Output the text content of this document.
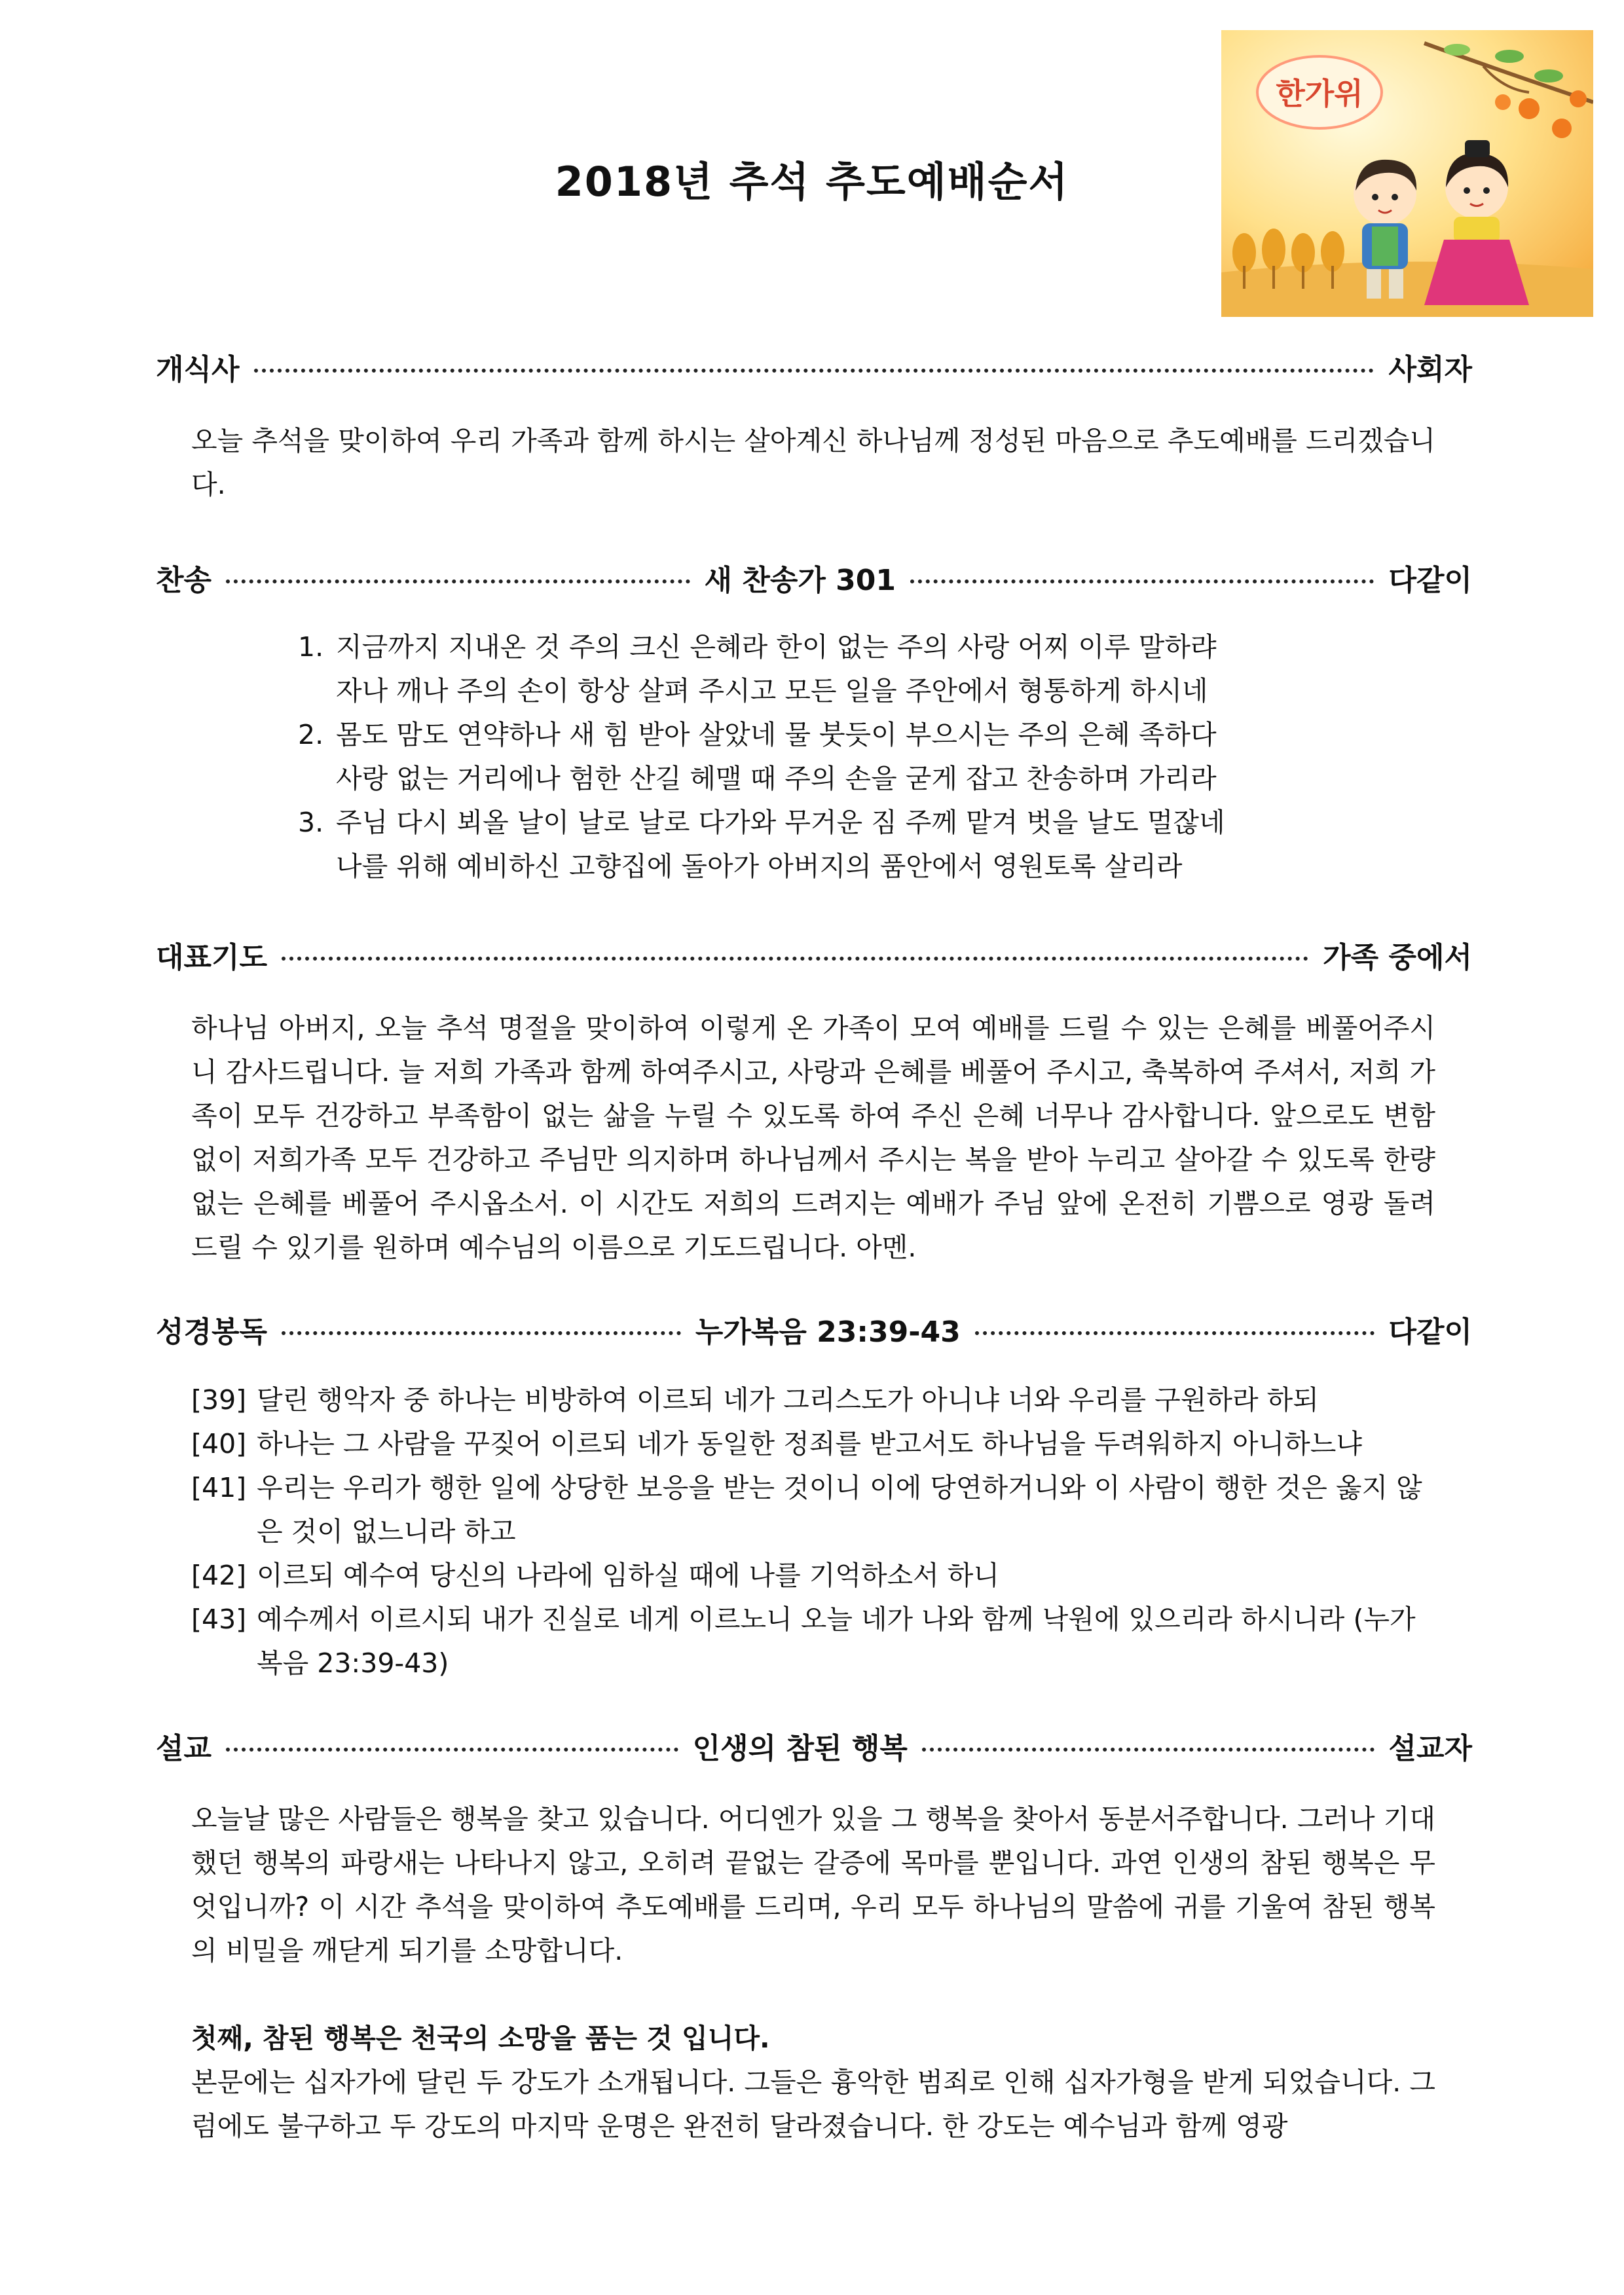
2018년 추석 추도예배순서
한가위
개식사	사회자
오늘 추석을 맞이하여 우리 가족과 함께 하시는 살아계신 하나님께 정성된 마음으로 추도예배를 드리겠습니다.
찬송	새 찬송가 301	다같이
1. 지금까지 지내온 것 주의 크신 은혜라 한이 없는 주의 사랑 어찌 이루 말하랴
자나 깨나 주의 손이 항상 살펴 주시고 모든 일을 주안에서 형통하게 하시네
2. 몸도 맘도 연약하나 새 힘 받아 살았네 물 붓듯이 부으시는 주의 은혜 족하다
사랑 없는 거리에나 험한 산길 헤맬 때 주의 손을 굳게 잡고 찬송하며 가리라
3. 주님 다시 뵈올 날이 날로 날로 다가와 무거운 짐 주께 맡겨 벗을 날도 멀잖네
나를 위해 예비하신 고향집에 돌아가 아버지의 품안에서 영원토록 살리라
대표기도	가족 중에서
하나님 아버지, 오늘 추석 명절을 맞이하여 이렇게 온 가족이 모여 예배를 드릴 수 있는 은혜를 베풀어주시니 감사드립니다. 늘 저희 가족과 함께 하여주시고, 사랑과 은혜를 베풀어 주시고, 축복하여 주셔서, 저희 가족이 모두 건강하고 부족함이 없는 삶을 누릴 수 있도록 하여 주신 은혜 너무나 감사합니다. 앞으로도 변함없이 저희가족 모두 건강하고 주님만 의지하며 하나님께서 주시는 복을 받아 누리고 살아갈 수 있도록 한량없는 은혜를 베풀어 주시옵소서. 이 시간도 저희의 드려지는 예배가 주님 앞에 온전히 기쁨으로 영광 돌려 드릴 수 있기를 원하며 예수님의 이름으로 기도드립니다. 아멘.
성경봉독	누가복음 23:39-43	다같이
[39] 달린 행악자 중 하나는 비방하여 이르되 네가 그리스도가 아니냐 너와 우리를 구원하라 하되
[40] 하나는 그 사람을 꾸짖어 이르되 네가 동일한 정죄를 받고서도 하나님을 두려워하지 아니하느냐
[41] 우리는 우리가 행한 일에 상당한 보응을 받는 것이니 이에 당연하거니와 이 사람이 행한 것은 옳지 않은 것이 없느니라 하고
[42] 이르되 예수여 당신의 나라에 임하실 때에 나를 기억하소서 하니
[43] 예수께서 이르시되 내가 진실로 네게 이르노니 오늘 네가 나와 함께 낙원에 있으리라 하시니라 (누가복음 23:39-43)
설교	인생의 참된 행복	설교자
오늘날 많은 사람들은 행복을 찾고 있습니다. 어디엔가 있을 그 행복을 찾아서 동분서주합니다. 그러나 기대했던 행복의 파랑새는 나타나지 않고, 오히려 끝없는 갈증에 목마를 뿐입니다. 과연 인생의 참된 행복은 무엇입니까? 이 시간 추석을 맞이하여 추도예배를 드리며, 우리 모두 하나님의 말씀에 귀를 기울여 참된 행복의 비밀을 깨닫게 되기를 소망합니다.
첫째, 참된 행복은 천국의 소망을 품는 것 입니다.
본문에는 십자가에 달린 두 강도가 소개됩니다. 그들은 흉악한 범죄로 인해 십자가형을 받게 되었습니다. 그럼에도 불구하고 두 강도의 마지막 운명은 완전히 달라졌습니다. 한 강도는 예수님과 함께 영광
